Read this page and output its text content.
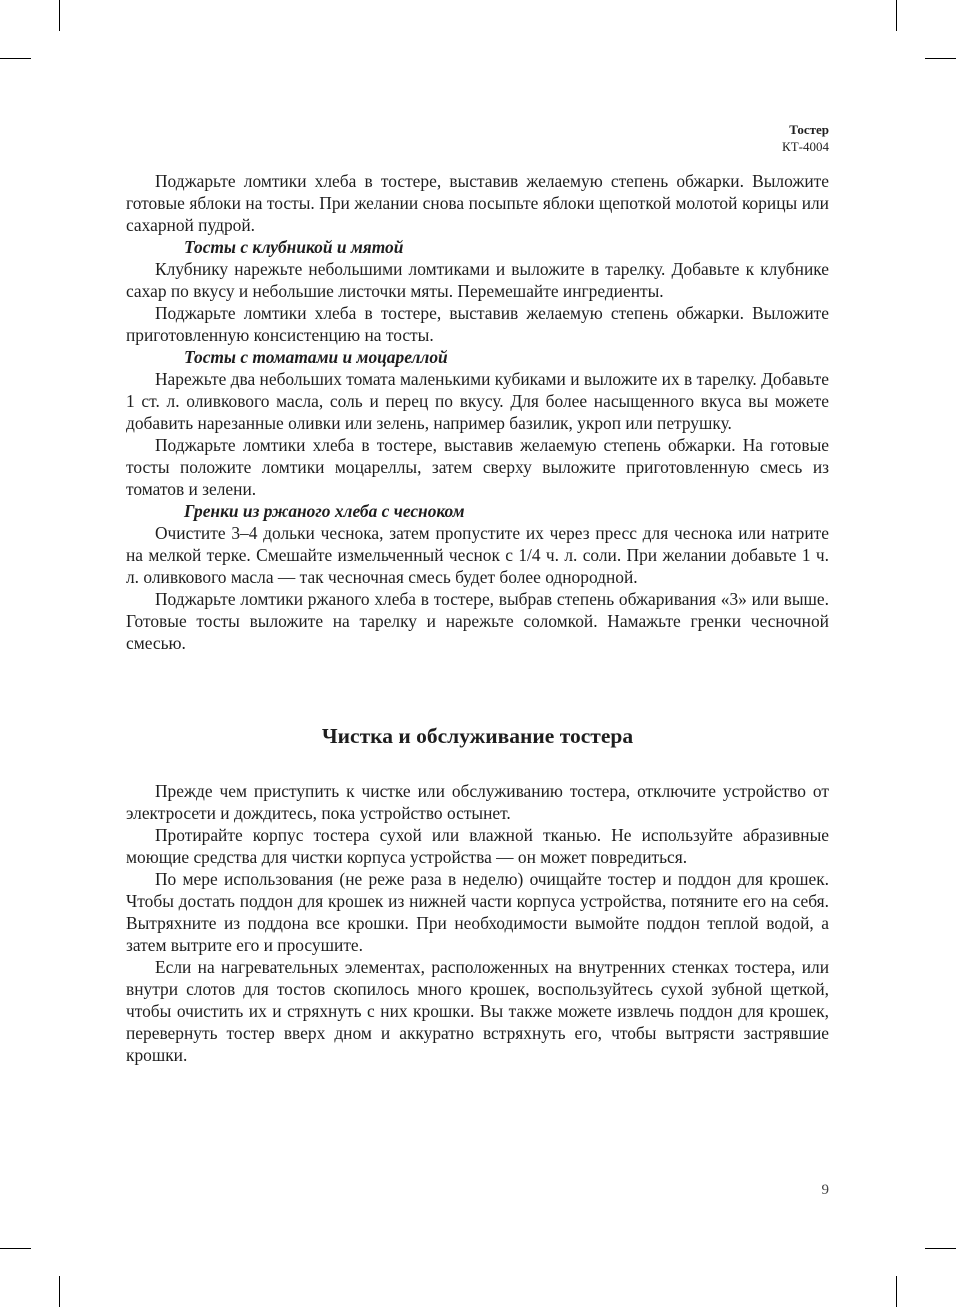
Тостер
КТ-4004

Поджарьте ломтики хлеба в тостере, выставив желаемую степень обжарки. Выложите готовые яблоки на тосты. При желании снова посыпьте яблоки щепоткой молотой корицы или сахарной пудрой.

Тосты с клубникой и мятой

Клубнику нарежьте небольшими ломтиками и выложите в тарелку. Добавьте к клубнике сахар по вкусу и небольшие листочки мяты. Перемешайте ингредиенты.

Поджарьте ломтики хлеба в тостере, выставив желаемую степень обжарки. Выложите приготовленную консистенцию на тосты.

Тосты с томатами и моцареллой

Нарежьте два небольших томата маленькими кубиками и выложите их в тарелку. Добавьте 1 ст. л. оливкового масла, соль и перец по вкусу. Для более насыщенного вкуса вы можете добавить нарезанные оливки или зелень, например базилик, укроп или петрушку.

Поджарьте ломтики хлеба в тостере, выставив желаемую степень обжарки. На готовые тосты положите ломтики моцареллы, затем сверху выложите приготовленную смесь из томатов и зелени.

Гренки из ржаного хлеба с чесноком

Очистите 3–4 дольки чеснока, затем пропустите их через пресс для чеснока или натрите на мелкой терке. Смешайте измельченный чеснок с 1/4 ч. л. соли. При желании добавьте 1 ч. л. оливкового масла — так чесночная смесь будет более однородной.

Поджарьте ломтики ржаного хлеба в тостере, выбрав степень обжаривания «3» или выше. Готовые тосты выложите на тарелку и нарежьте соломкой. Намажьте гренки чесночной смесью.

Чистка и обслуживание тостера

Прежде чем приступить к чистке или обслуживанию тостера, отключите устройство от электросети и дождитесь, пока устройство остынет.

Протирайте корпус тостера сухой или влажной тканью. Не используйте абразивные моющие средства для чистки корпуса устройства — он может повредиться.

По мере использования (не реже раза в неделю) очищайте тостер и поддон для крошек. Чтобы достать поддон для крошек из нижней части корпуса устройства, потяните его на себя. Вытряхните из поддона все крошки. При необходимости вымойте поддон теплой водой, а затем вытрите его и просушите.

Если на нагревательных элементах, расположенных на внутренних стенках тостера, или внутри слотов для тостов скопилось много крошек, воспользуйтесь сухой зубной щеткой, чтобы очистить их и стряхнуть с них крошки. Вы также можете извлечь поддон для крошек, перевернуть тостер вверх дном и аккуратно встряхнуть его, чтобы вытрясти застрявшие крошки.

9
